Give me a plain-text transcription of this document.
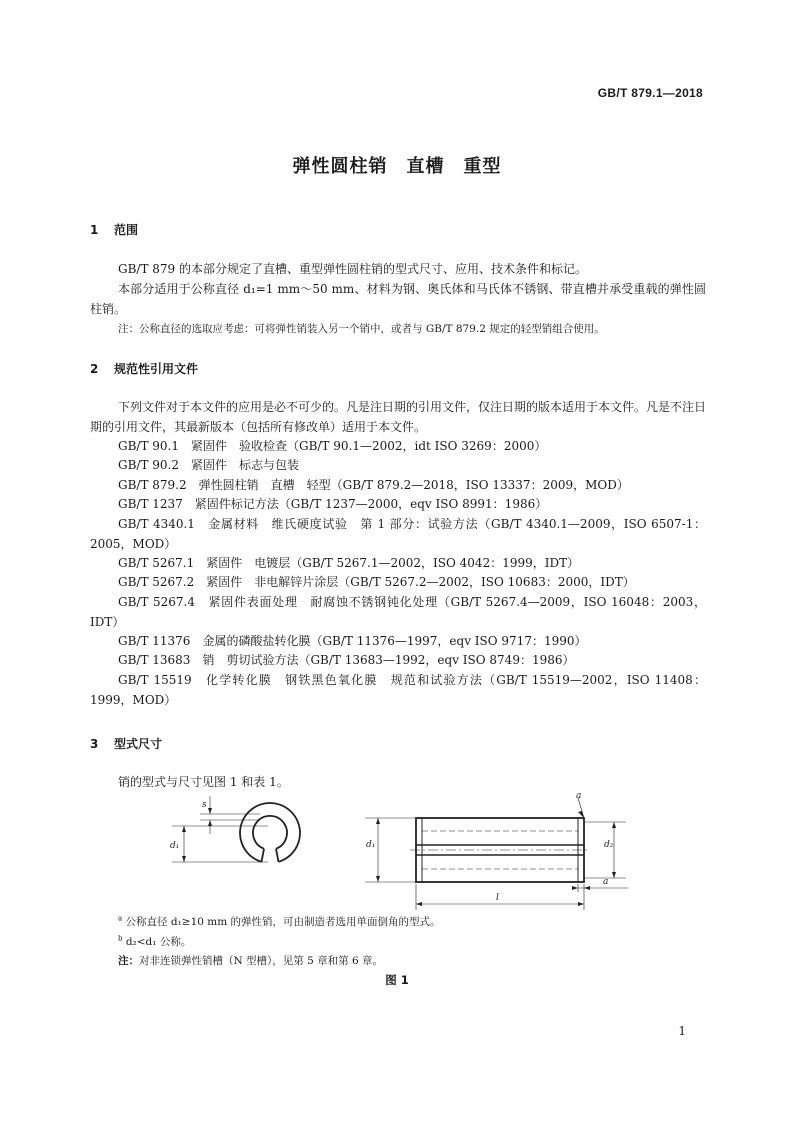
GB/T 879.1—2018
弹性圆柱销　直槽　重型
1 范围
GB/T 879 的本部分规定了直槽、重型弹性圆柱销的型式尺寸、应用、技术条件和标记。
本部分适用于公称直径 d₁=1 mm～50 mm、材料为钢、奥氏体和马氏体不锈钢、带直槽并承受重载的弹性圆柱销。
注：公称直径的选取应考虑：可将弹性销装入另一个销中，或者与 GB/T 879.2 规定的轻型销组合使用。
2 规范性引用文件
下列文件对于本文件的应用是必不可少的。凡是注日期的引用文件，仅注日期的版本适用于本文件。凡是不注日期的引用文件，其最新版本（包括所有修改单）适用于本文件。
GB/T 90.1　紧固件　验收检查（GB/T 90.1—2002，idt ISO 3269：2000）
GB/T 90.2　紧固件　标志与包装
GB/T 879.2　弹性圆柱销　直槽　轻型（GB/T 879.2—2018，ISO 13337：2009，MOD）
GB/T 1237　紧固件标记方法（GB/T 1237—2000，eqv ISO 8991：1986）
GB/T 4340.1　金属材料　维氏硬度试验　第 1 部分：试验方法（GB/T 4340.1—2009，ISO 6507-1：2005，MOD）
GB/T 5267.1　紧固件　电镀层（GB/T 5267.1—2002，ISO 4042：1999，IDT）
GB/T 5267.2　紧固件　非电解锌片涂层（GB/T 5267.2—2002，ISO 10683：2000，IDT）
GB/T 5267.4　紧固件表面处理　耐腐蚀不锈钢钝化处理（GB/T 5267.4—2009，ISO 16048：2003，IDT）
GB/T 11376　金属的磷酸盐转化膜（GB/T 11376—1997，eqv ISO 9717：1990）
GB/T 13683　销　剪切试验方法（GB/T 13683—1992，eqv ISO 8749：1986）
GB/T 15519　化学转化膜　钢铁黑色氧化膜　规范和试验方法（GB/T 15519—2002，ISO 11408：1999，MOD）
3 型式尺寸
销的型式与尺寸见图 1 和表 1。
s
d₁	d₁	d₂
l
a
a
$^a$ 公称直径 d₁≥10 mm 的弹性销，可由制造者选用单面倒角的型式。
$^b$ d₂<d₁ 公称。
注：对非连锁弹性销槽（N 型槽），见第 5 章和第 6 章。
图 1
1
